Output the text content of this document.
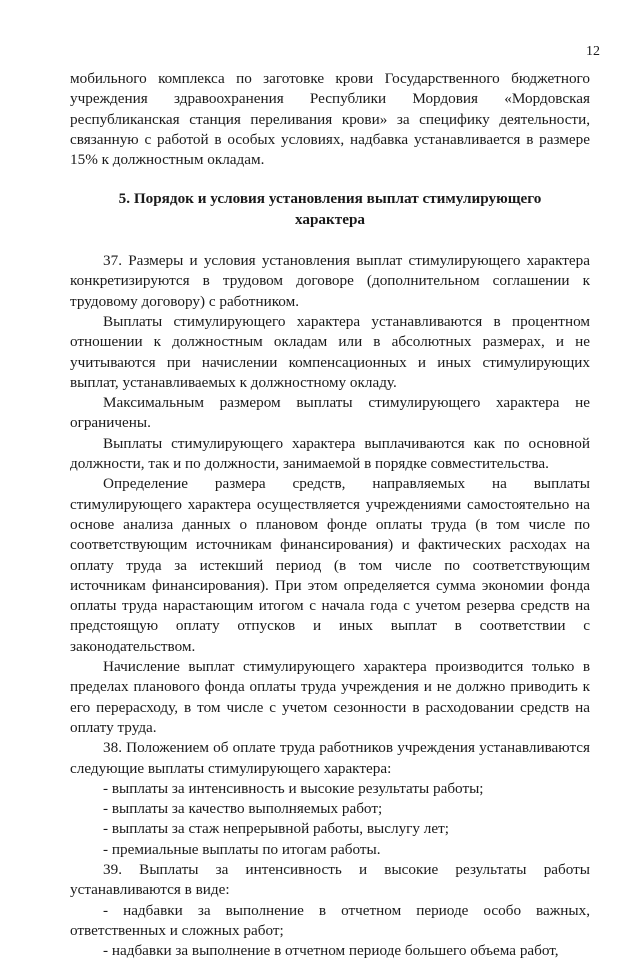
12

мобильного комплекса по заготовке крови Государственного бюджетного учреждения здравоохранения Республики Мордовия «Мордовская республиканская станция переливания крови» за специфику деятельности, связанную с работой в особых условиях, надбавка устанавливается в размере 15% к должностным окладам.

5. Порядок и условия установления выплат стимулирующего характера

37. Размеры и условия установления выплат стимулирующего характера конкретизируются в трудовом договоре (дополнительном соглашении к трудовому договору) с работником.

Выплаты стимулирующего характера устанавливаются в процентном отношении к должностным окладам или в абсолютных размерах, и не учитываются при начислении компенсационных и иных стимулирующих выплат, устанавливаемых к должностному окладу.

Максимальным размером выплаты стимулирующего характера не ограничены.

Выплаты стимулирующего характера выплачиваются как по основной должности, так и по должности, занимаемой в порядке совместительства.

Определение размера средств, направляемых на выплаты стимулирующего характера осуществляется учреждениями самостоятельно на основе анализа данных о плановом фонде оплаты труда (в том числе по соответствующим источникам финансирования) и фактических расходах на оплату труда за истекший период (в том числе по соответствующим источникам финансирования). При этом определяется сумма экономии фонда оплаты труда нарастающим итогом с начала года с учетом резерва средств на предстоящую оплату отпусков и иных выплат в соответствии с законодательством.

Начисление выплат стимулирующего характера производится только в пределах планового фонда оплаты труда учреждения и не должно приводить к его перерасходу, в том числе с учетом сезонности в расходовании средств на оплату труда.

38. Положением об оплате труда работников учреждения устанавливаются следующие выплаты стимулирующего характера:

- выплаты за интенсивность и высокие результаты работы;

- выплаты за качество выполняемых работ;

- выплаты за стаж непрерывной работы, выслугу лет;

- премиальные выплаты по итогам работы.

39. Выплаты за интенсивность и высокие результаты работы устанавливаются в виде:

- надбавки за выполнение в отчетном периоде особо важных, ответственных и сложных работ;

- надбавки за выполнение в отчетном периоде большего объема работ,
